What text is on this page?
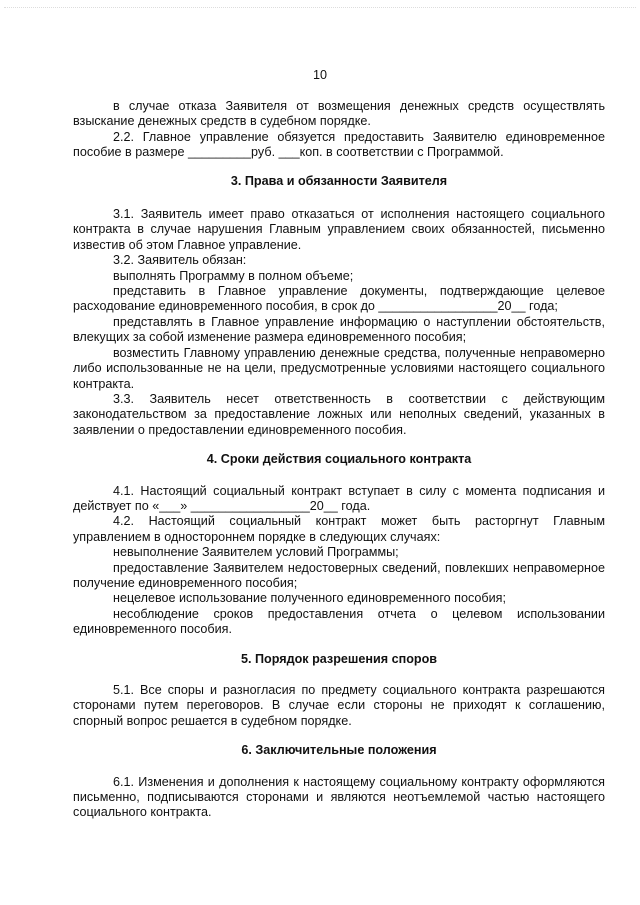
10

в случае отказа Заявителя от возмещения денежных средств осуществлять взыскание денежных средств в судебном порядке.

2.2. Главное управление обязуется предоставить Заявителю единовременное пособие в размере _________руб. ___коп. в соответствии с Программой.

3. Права и обязанности Заявителя

3.1. Заявитель имеет право отказаться от исполнения настоящего социального контракта в случае нарушения Главным управлением своих обязанностей, письменно известив об этом Главное управление.

3.2. Заявитель обязан:

выполнять Программу в полном объеме;

представить в Главное управление документы, подтверждающие целевое расходование единовременного пособия, в срок до _________________20__ года;

представлять в Главное управление информацию о наступлении обстоятельств, влекущих за собой изменение размера единовременного пособия;

возместить Главному управлению денежные средства, полученные неправомерно либо использованные не на цели, предусмотренные условиями настоящего социального контракта.

3.3. Заявитель несет ответственность в соответствии с действующим законодательством за предоставление ложных или неполных сведений, указанных в заявлении о предоставлении единовременного пособия.

4. Сроки действия социального контракта

4.1. Настоящий социальный контракт вступает в силу с момента подписания и действует по «___» _________________20__ года.

4.2. Настоящий социальный контракт может быть расторгнут Главным управлением в одностороннем порядке в следующих случаях:

невыполнение Заявителем условий Программы;

предоставление Заявителем недостоверных сведений, повлекших неправомерное получение единовременного пособия;

нецелевое использование полученного единовременного пособия;

несоблюдение сроков предоставления отчета о целевом использовании единовременного пособия.

5. Порядок разрешения споров

5.1. Все споры и разногласия по предмету социального контракта разрешаются сторонами путем переговоров. В случае если стороны не приходят к соглашению, спорный вопрос решается в судебном порядке.

6. Заключительные положения

6.1. Изменения и дополнения к настоящему социальному контракту оформляются письменно, подписываются сторонами и являются неотъемлемой частью настоящего социального контракта.
